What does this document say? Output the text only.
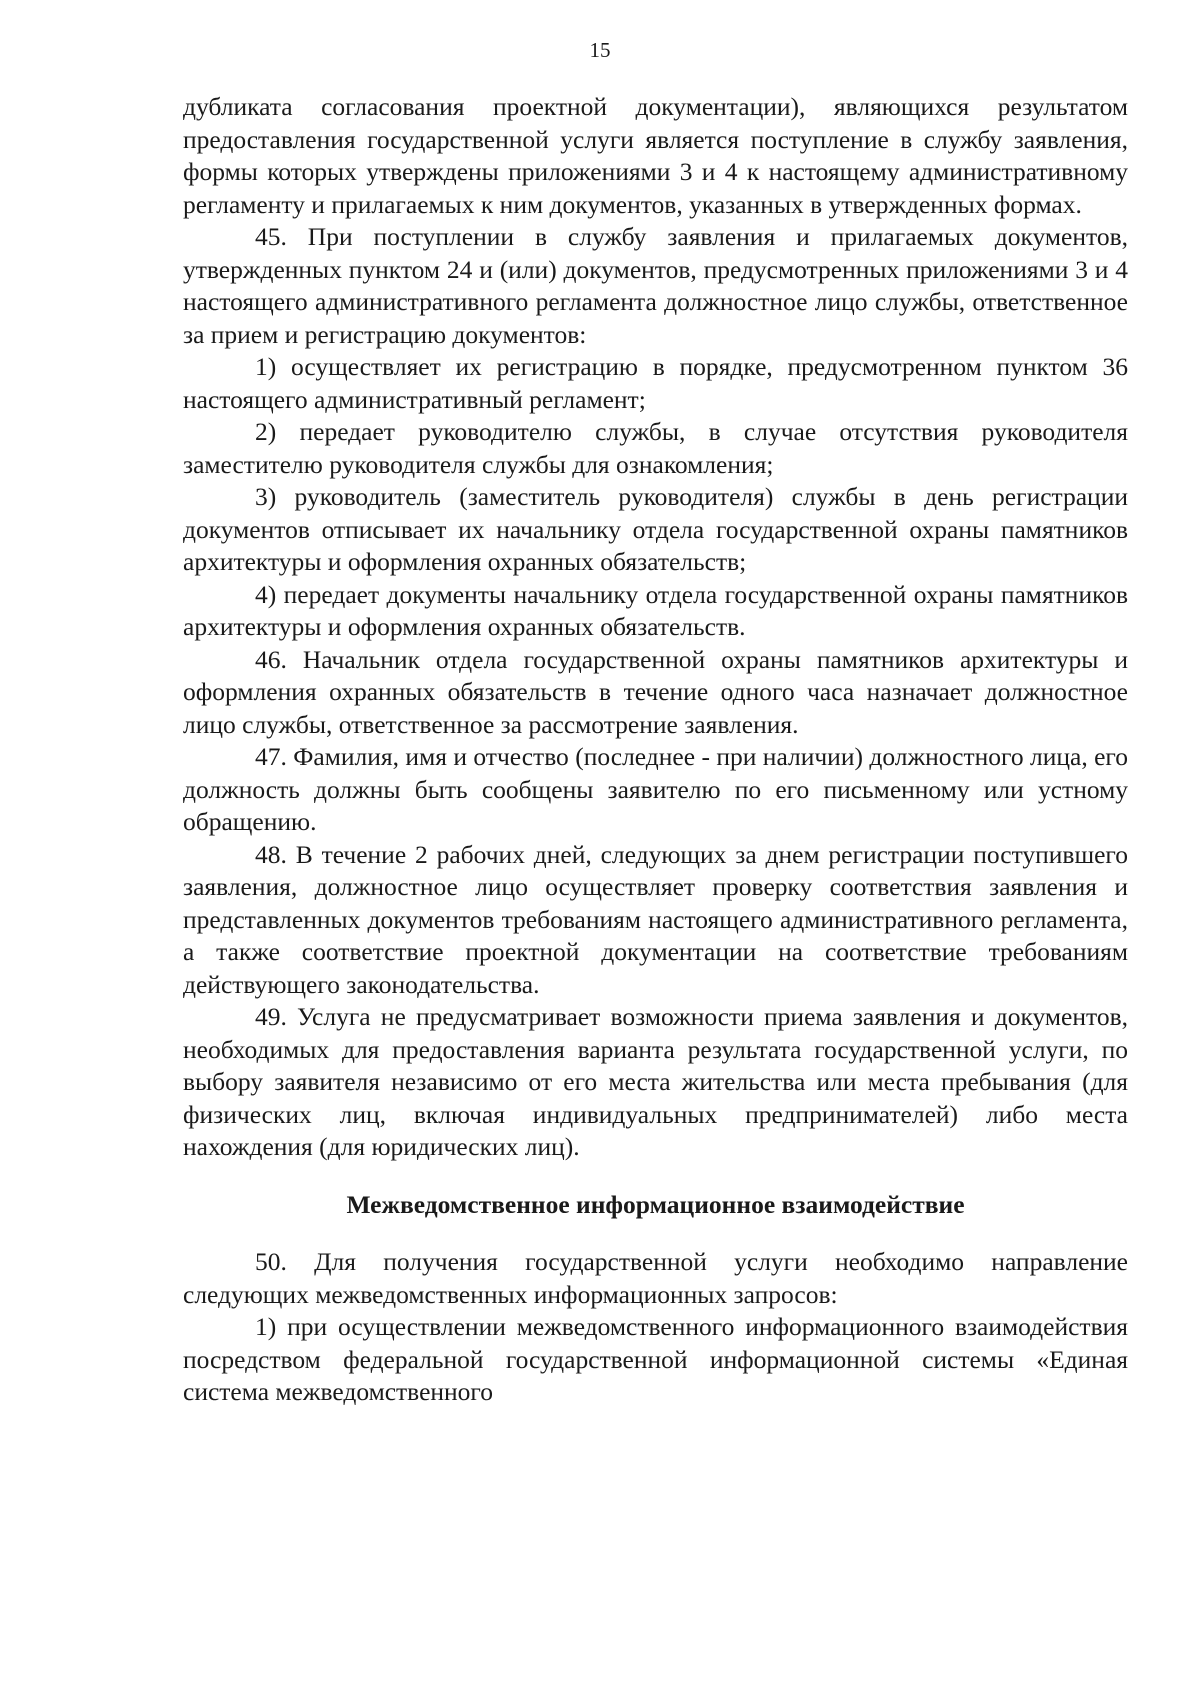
15

дубликата согласования проектной документации), являющихся результатом предоставления государственной услуги является поступление в службу заявления, формы которых утверждены приложениями 3 и 4 к настоящему административному регламенту и прилагаемых к ним документов, указанных в утвержденных формах.

45. При поступлении в службу заявления и прилагаемых документов, утвержденных пунктом 24 и (или) документов, предусмотренных приложениями 3 и 4 настоящего административного регламента должностное лицо службы, ответственное за прием и регистрацию документов:

1) осуществляет их регистрацию в порядке, предусмотренном пунктом 36 настоящего административный регламент;

2) передает руководителю службы, в случае отсутствия руководителя заместителю руководителя службы для ознакомления;

3) руководитель (заместитель руководителя) службы в день регистрации документов отписывает их начальнику отдела государственной охраны памятников архитектуры и оформления охранных обязательств;

4) передает документы начальнику отдела государственной охраны памятников архитектуры и оформления охранных обязательств.

46. Начальник отдела государственной охраны памятников архитектуры и оформления охранных обязательств в течение одного часа назначает должностное лицо службы, ответственное за рассмотрение заявления.

47. Фамилия, имя и отчество (последнее - при наличии) должностного лица, его должность должны быть сообщены заявителю по его письменному или устному обращению.

48. В течение 2 рабочих дней, следующих за днем регистрации поступившего заявления, должностное лицо осуществляет проверку соответствия заявления и представленных документов требованиям настоящего административного регламента, а также соответствие проектной документации на соответствие требованиям действующего законодательства.

49. Услуга не предусматривает возможности приема заявления и документов, необходимых для предоставления варианта результата государственной услуги, по выбору заявителя независимо от его места жительства или места пребывания (для физических лиц, включая индивидуальных предпринимателей) либо места нахождения (для юридических лиц).

Межведомственное информационное взаимодействие

50. Для получения государственной услуги необходимо направление следующих межведомственных информационных запросов:

1) при осуществлении межведомственного информационного взаимодействия посредством федеральной государственной информационной системы «Единая система межведомственного
